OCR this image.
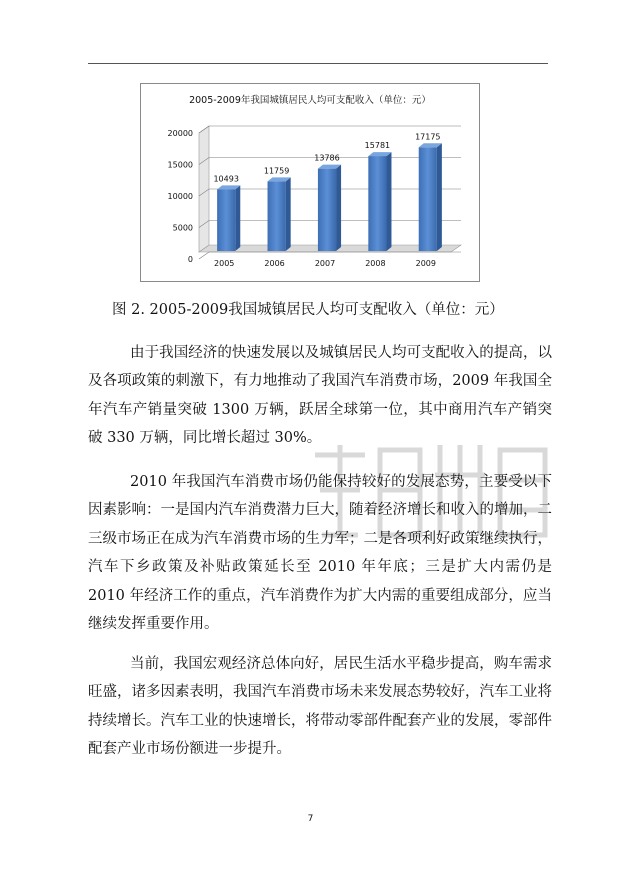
2005-2009年我国城镇居民人均可支配收入（单位：元）
0
5000
10000
15000
20000
10493
2005
11759
2006
13786
2007
15781
2008
17175
2009
图 2. 2005-2009我国城镇居民人均可支配收入（单位：元）

由于我国经济的快速发展以及城镇居民人均可支配收入的提高，以及各项政策的刺激下，有力地推动了我国汽车消费市场，2009 年我国全年汽车产销量突破 1300 万辆，跃居全球第一位，其中商用汽车产销突破 330 万辆，同比增长超过 30%。

2010 年我国汽车消费市场仍能保持较好的发展态势，主要受以下因素影响：一是国内汽车消费潜力巨大，随着经济增长和收入的增加，二三级市场正在成为汽车消费市场的生力军；二是各项利好政策继续执行，汽车下乡政策及补贴政策延长至 2010 年年底；三是扩大内需仍是 2010 年经济工作的重点，汽车消费作为扩大内需的重要组成部分，应当继续发挥重要作用。

当前，我国宏观经济总体向好，居民生活水平稳步提高，购车需求旺盛，诸多因素表明，我国汽车消费市场未来发展态势较好，汽车工业将持续增长。汽车工业的快速增长，将带动零部件配套产业的发展，零部件配套产业市场份额进一步提升。

7
